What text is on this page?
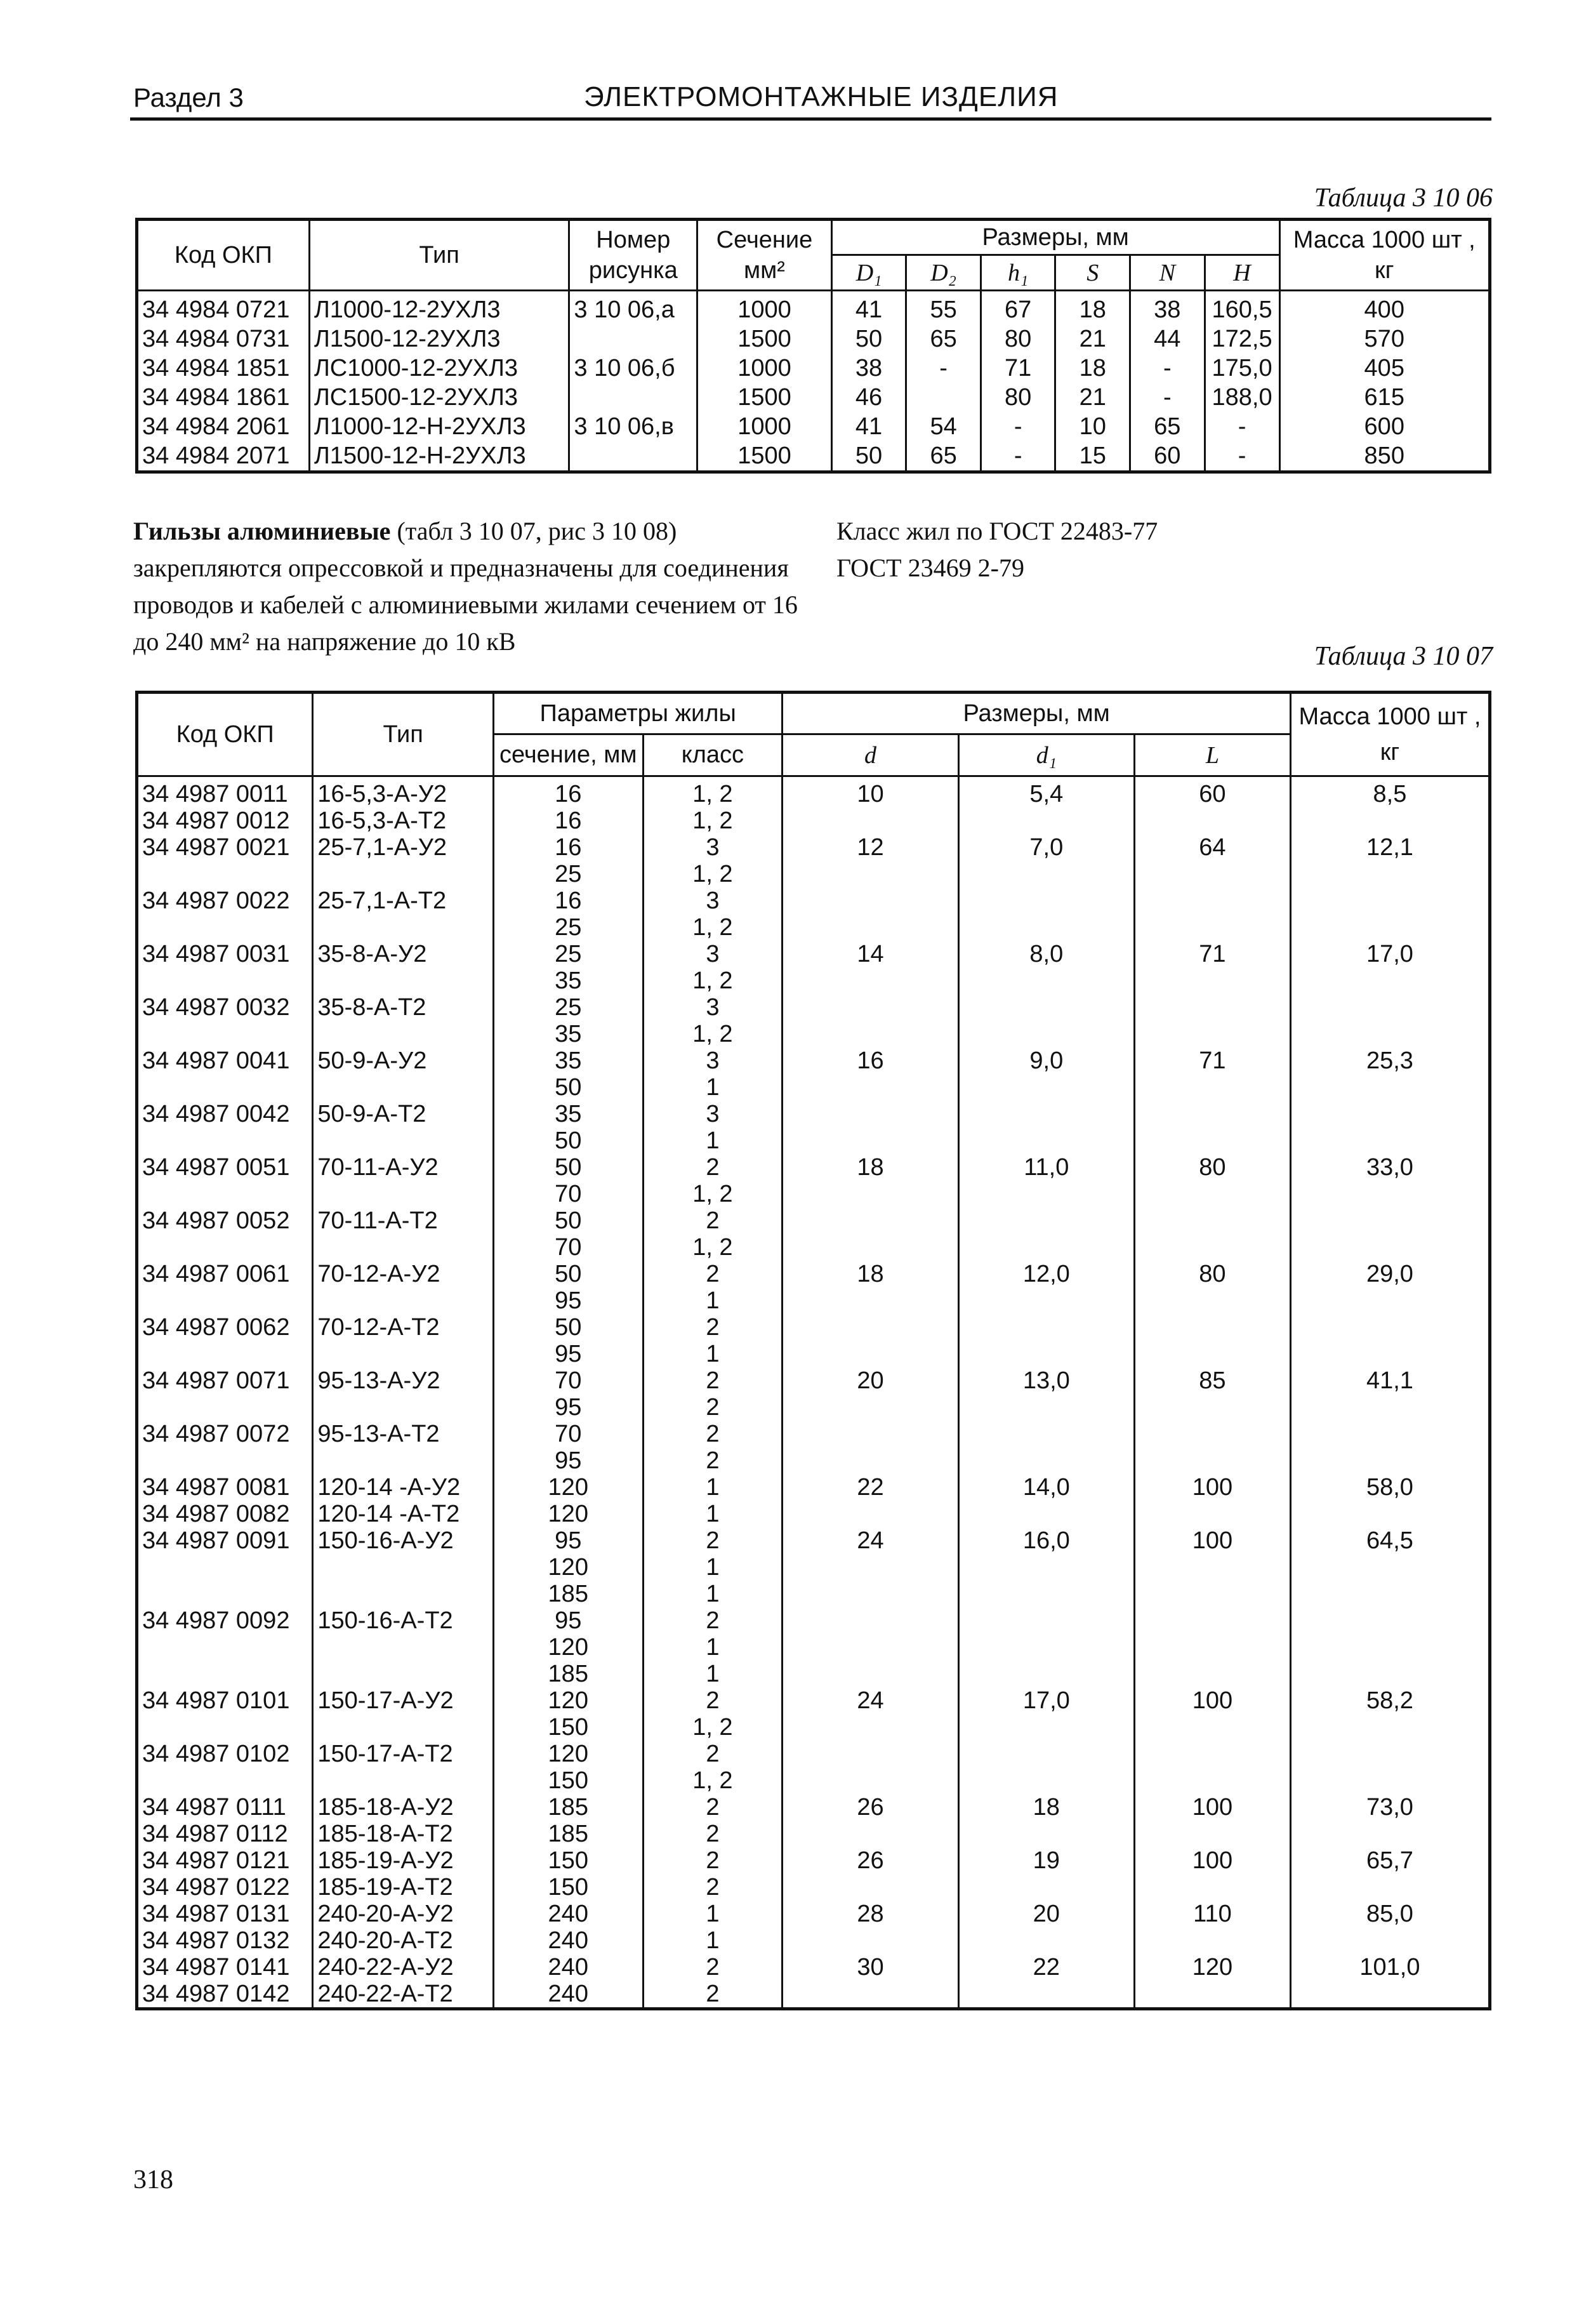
Раздел 3	ЭЛЕКТРОМОНТАЖНЫЕ ИЗДЕЛИЯ
Таблица 3 10 06
Код ОКП	Тип	Номер рисунка	Сечение мм²	Размеры, мм						Масса 1000 шт , кг
				D₁	D₂	h₁	S	N	H	
34 4984 0721	Л1000-12-2УХЛ3	3 10 06,а	1000	41	55	67	18	38	160,5	400
34 4984 0731	Л1500-12-2УХЛ3		1500	50	65	80	21	44	172,5	570
34 4984 1851	ЛС1000-12-2УХЛ3	3 10 06,б	1000	38	-	71	18	-	175,0	405
34 4984 1861	ЛС1500-12-2УХЛ3		1500	46		80	21	-	188,0	615
34 4984 2061	Л1000-12-Н-2УХЛ3	3 10 06,в	1000	41	54	-	10	65	-	600
34 4984 2071	Л1500-12-Н-2УХЛ3		1500	50	65	-	15	60	-	850
Гильзы алюминиевые (табл 3 10 07, рис 3 10 08) закрепляются опрессовкой и предназначены для соединения проводов и кабелей с алюминиевыми жилами сечением от 16 до 240 мм² на напряжение до 10 кВ
Класс жил по ГОСТ 22483-77
ГОСТ 23469 2-79
Таблица 3 10 07
Код ОКП	Тип	Параметры жилы		Размеры, мм			Масса 1000 шт , кг
		сечение, мм	класс	d	d₁	L	
34 4987 0011	16-5,3-А-У2	16	1, 2	10	5,4	60	8,5
34 4987 0012	16-5,3-А-Т2	16	1, 2				
34 4987 0021	25-7,1-А-У2	16	3	12	7,0	64	12,1
		25	1, 2				
34 4987 0022	25-7,1-А-Т2	16	3				
		25	1, 2				
34 4987 0031	35-8-А-У2	25	3	14	8,0	71	17,0
		35	1, 2				
34 4987 0032	35-8-А-Т2	25	3				
		35	1, 2				
34 4987 0041	50-9-А-У2	35	3	16	9,0	71	25,3
		50	1				
34 4987 0042	50-9-А-Т2	35	3				
		50	1				
34 4987 0051	70-11-А-У2	50	2	18	11,0	80	33,0
		70	1, 2				
34 4987 0052	70-11-А-Т2	50	2				
		70	1, 2				
34 4987 0061	70-12-А-У2	50	2	18	12,0	80	29,0
		95	1				
34 4987 0062	70-12-А-Т2	50	2				
		95	1				
34 4987 0071	95-13-А-У2	70	2	20	13,0	85	41,1
		95	2				
34 4987 0072	95-13-А-Т2	70	2				
		95	2				
34 4987 0081	120-14 -А-У2	120	1	22	14,0	100	58,0
34 4987 0082	120-14 -А-Т2	120	1				
34 4987 0091	150-16-А-У2	95	2	24	16,0	100	64,5
		120	1				
		185	1				
34 4987 0092	150-16-А-Т2	95	2				
		120	1				
		185	1				
34 4987 0101	150-17-А-У2	120	2	24	17,0	100	58,2
		150	1, 2				
34 4987 0102	150-17-А-Т2	120	2				
		150	1, 2				
34 4987 0111	185-18-А-У2	185	2	26	18	100	73,0
34 4987 0112	185-18-А-Т2	185	2				
34 4987 0121	185-19-А-У2	150	2	26	19	100	65,7
34 4987 0122	185-19-А-Т2	150	2				
34 4987 0131	240-20-А-У2	240	1	28	20	110	85,0
34 4987 0132	240-20-А-Т2	240	1				
34 4987 0141	240-22-А-У2	240	2	30	22	120	101,0
34 4987 0142	240-22-А-Т2	240	2				
318
